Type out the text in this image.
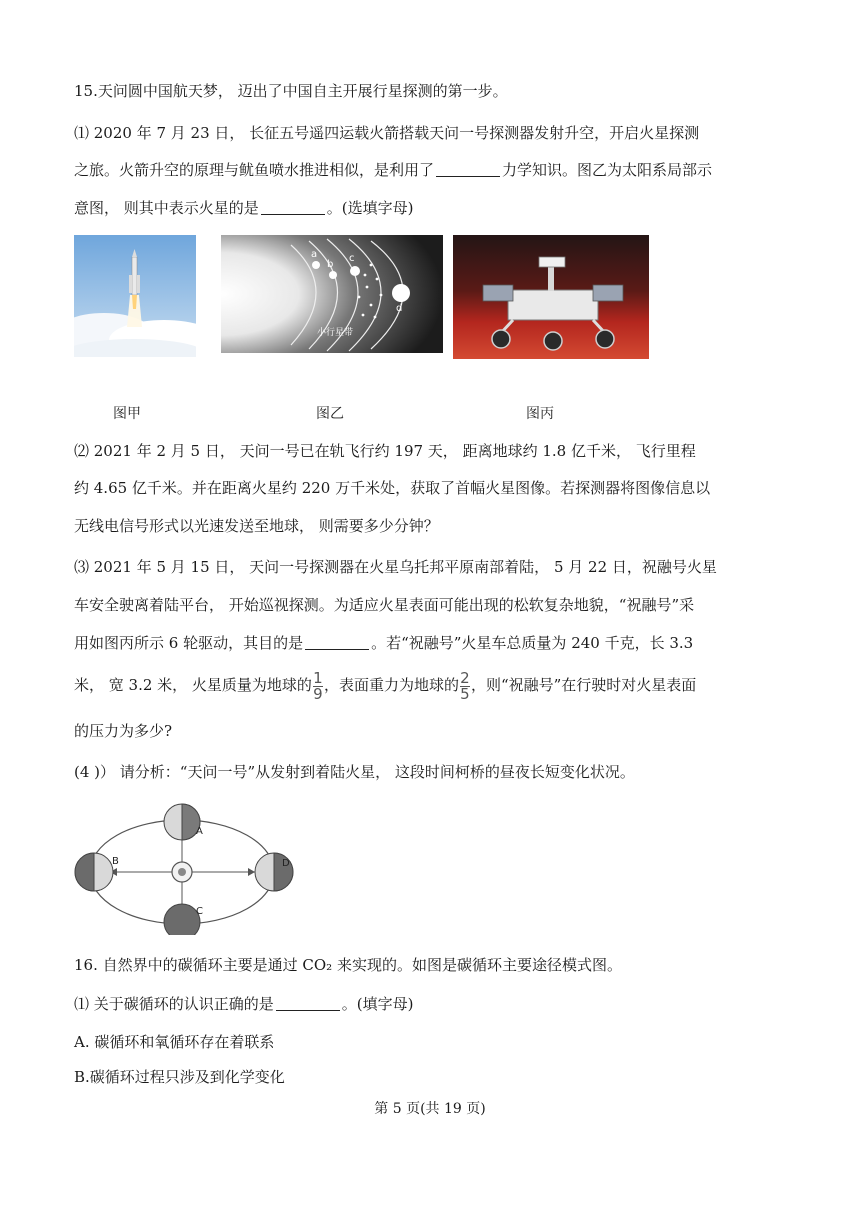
15.天问圆中国航天梦， 迈出了中国自主开展行星探测的第一步。
⑴ 2020 年 7 月 23 日， 长征五号遥四运载火箭搭载天问一号探测器发射升空，开启火星探测
之旅。火箭升空的原理与鱿鱼喷水推进相似，是利用了	力学知识。图乙为太阳系局部示
意图， 则其中表示火星的是	。(选填字母)
a
b
c
d
小行星带
图甲	图乙	图丙
⑵ 2021 年 2 月 5 日， 天问一号已在轨飞行约 197 天， 距离地球约 1.8 亿千米， 飞行里程
约 4.65 亿千米。并在距离火星约 220 万千米处，获取了首幅火星图像。若探测器将图像信息以
无线电信号形式以光速发送至地球， 则需要多少分钟？
⑶ 2021 年 5 月 15 日， 天问一号探测器在火星乌托邦平原南部着陆， 5 月 22 日，祝融号火星
车安全驶离着陆平台， 开始巡视探测。为适应火星表面可能出现的松软复杂地貌，“祝融号”采
用如图丙所示 6 轮驱动，其目的是	。若“祝融号”火星车总质量为 240 千克，长 3.3
米， 宽 3.2 米， 火星质量为地球的 $\frac{1}{9}$ ，表面重力为地球的 $\frac{2}{5}$ ，则“祝融号”在行驶时对火星表面
的压力为多少?
(4 )） 请分析：“天问一号”从发射到着陆火星， 这段时间柯桥的昼夜长短变化状况。
A
B
C
D
16. 自然界中的碳循环主要是通过 CO₂ 来实现的。如图是碳循环主要途径模式图。
⑴ 关于碳循环的认识正确的是	。(填字母)
A. 碳循环和氧循环存在着联系
B.碳循环过程只涉及到化学变化
第 5 页(共 19 页)
